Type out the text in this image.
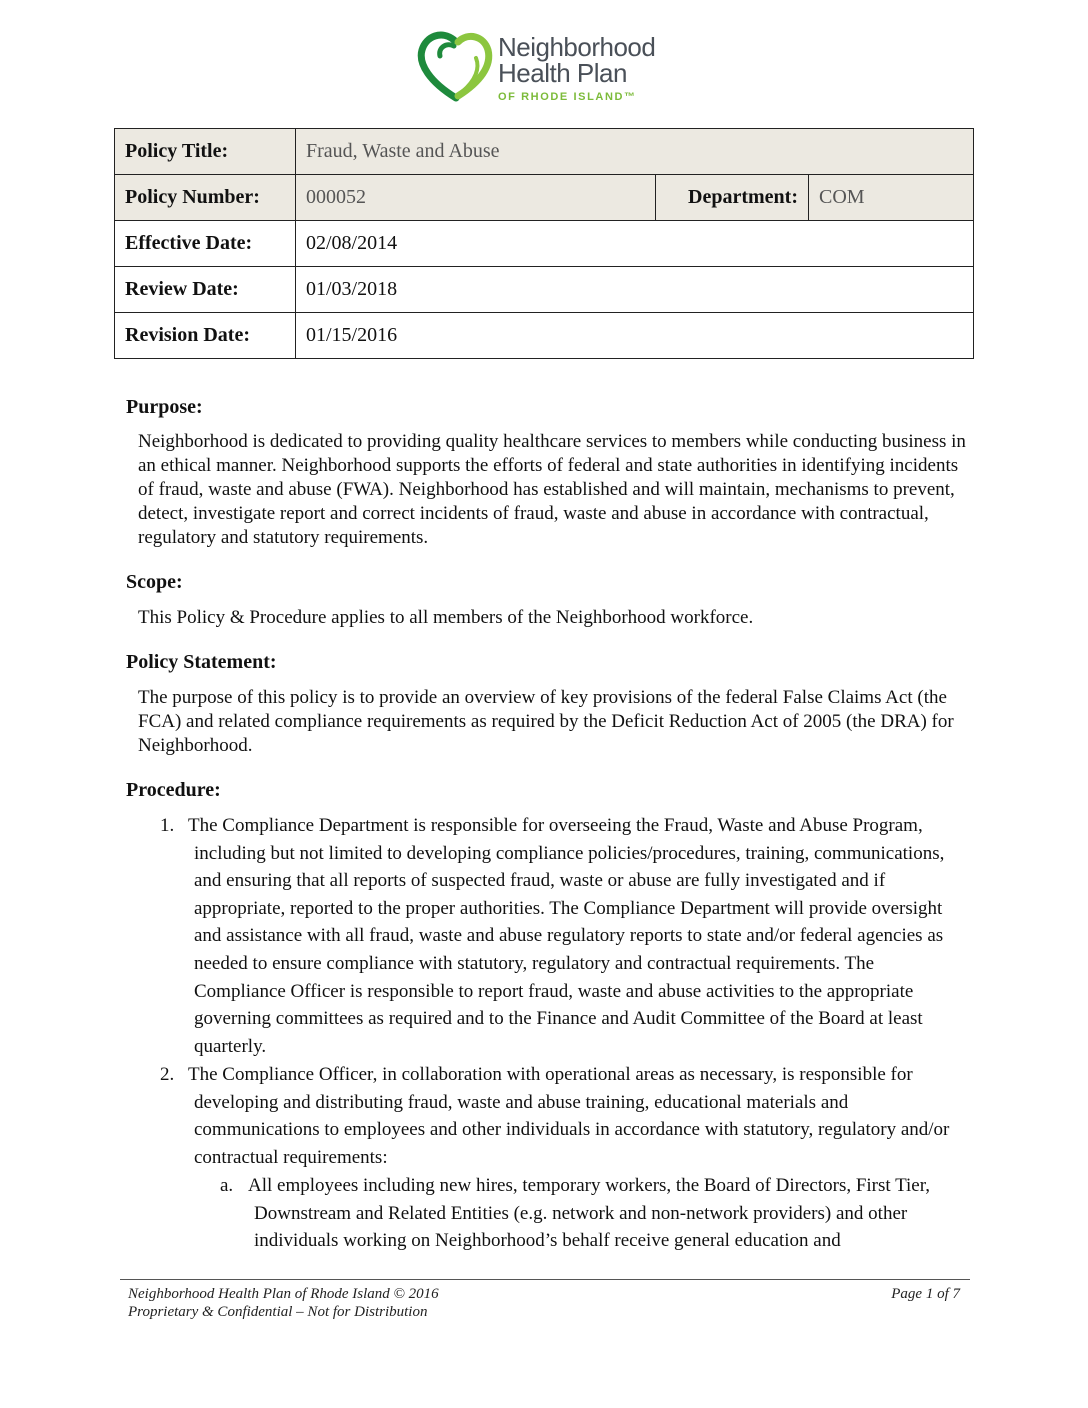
Neighborhood
Health Plan
OF RHODE ISLAND™
Policy Title:	Fraud, Waste and Abuse		
Policy Number:	000052	Department:	COM
Effective Date:	02/08/2014		
Review Date:	01/03/2018		
Revision Date:	01/15/2016		
Purpose:

Neighborhood is dedicated to providing quality healthcare services to members while conducting business in an ethical manner. Neighborhood supports the efforts of federal and state authorities in identifying incidents of fraud, waste and abuse (FWA). Neighborhood has established and will maintain, mechanisms to prevent, detect, investigate report and correct incidents of fraud, waste and abuse in accordance with contractual, regulatory and statutory requirements.

Scope:

This Policy & Procedure applies to all members of the Neighborhood workforce.

Policy Statement:

The purpose of this policy is to provide an overview of key provisions of the federal False Claims Act (the FCA) and related compliance requirements as required by the Deficit Reduction Act of 2005 (the DRA) for Neighborhood.

Procedure:
1. The Compliance Department is responsible for overseeing the Fraud, Waste and Abuse Program, including but not limited to developing compliance policies/procedures, training, communications, and ensuring that all reports of suspected fraud, waste or abuse are fully investigated and if appropriate, reported to the proper authorities. The Compliance Department will provide oversight and assistance with all fraud, waste and abuse regulatory reports to state and/or federal agencies as needed to ensure compliance with statutory, regulatory and contractual requirements. The Compliance Officer is responsible to report fraud, waste and abuse activities to the appropriate governing committees as required and to the Finance and Audit Committee of the Board at least quarterly.
2. The Compliance Officer, in collaboration with operational areas as necessary, is responsible for developing and distributing fraud, waste and abuse training, educational materials and communications to employees and other individuals in accordance with statutory, regulatory and/or contractual requirements:
a. All employees including new hires, temporary workers, the Board of Directors, First Tier, Downstream and Related Entities (e.g. network and non-network providers) and other individuals working on Neighborhood’s behalf receive general education and
Neighborhood Health Plan of Rhode Island © 2016
Proprietary & Confidential – Not for Distribution
Page 1 of 7
